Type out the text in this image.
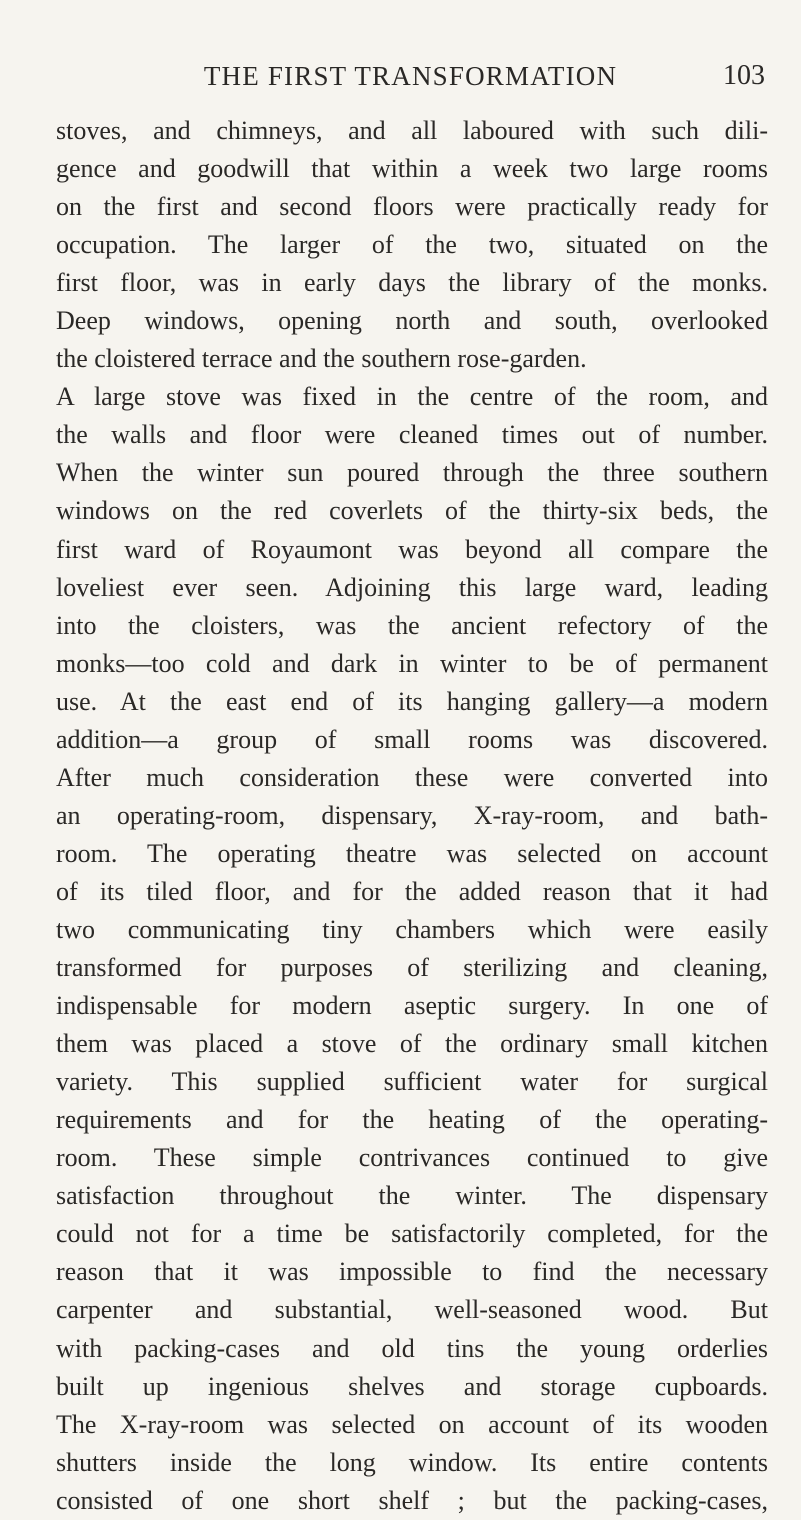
THE FIRST TRANSFORMATION	103
stoves, and chimneys, and all laboured with such dili-
gence and goodwill that within a week two large rooms
on the first and second floors were practically ready for
occupation. The larger of the two, situated on the
first floor, was in early days the library of the monks.
Deep windows, opening north and south, overlooked
the cloistered terrace and the southern rose-garden.
A large stove was fixed in the centre of the room, and
the walls and floor were cleaned times out of number.
When the winter sun poured through the three southern
windows on the red coverlets of the thirty-six beds, the
first ward of Royaumont was beyond all compare the
loveliest ever seen. Adjoining this large ward, leading
into the cloisters, was the ancient refectory of the
monks—too cold and dark in winter to be of permanent
use. At the east end of its hanging gallery—a modern
addition—a group of small rooms was discovered.
After much consideration these were converted into
an operating-room, dispensary, X-ray-room, and bath-
room. The operating theatre was selected on account
of its tiled floor, and for the added reason that it had
two communicating tiny chambers which were easily
transformed for purposes of sterilizing and cleaning,
indispensable for modern aseptic surgery. In one of
them was placed a stove of the ordinary small kitchen
variety. This supplied sufficient water for surgical
requirements and for the heating of the operating-
room. These simple contrivances continued to give
satisfaction throughout the winter. The dispensary
could not for a time be satisfactorily completed, for the
reason that it was impossible to find the necessary
carpenter and substantial, well-seasoned wood. But
with packing-cases and old tins the young orderlies
built up ingenious shelves and storage cupboards.
The X-ray-room was selected on account of its wooden
shutters inside the long window. Its entire contents
consisted of one short shelf ; but the packing-cases,
